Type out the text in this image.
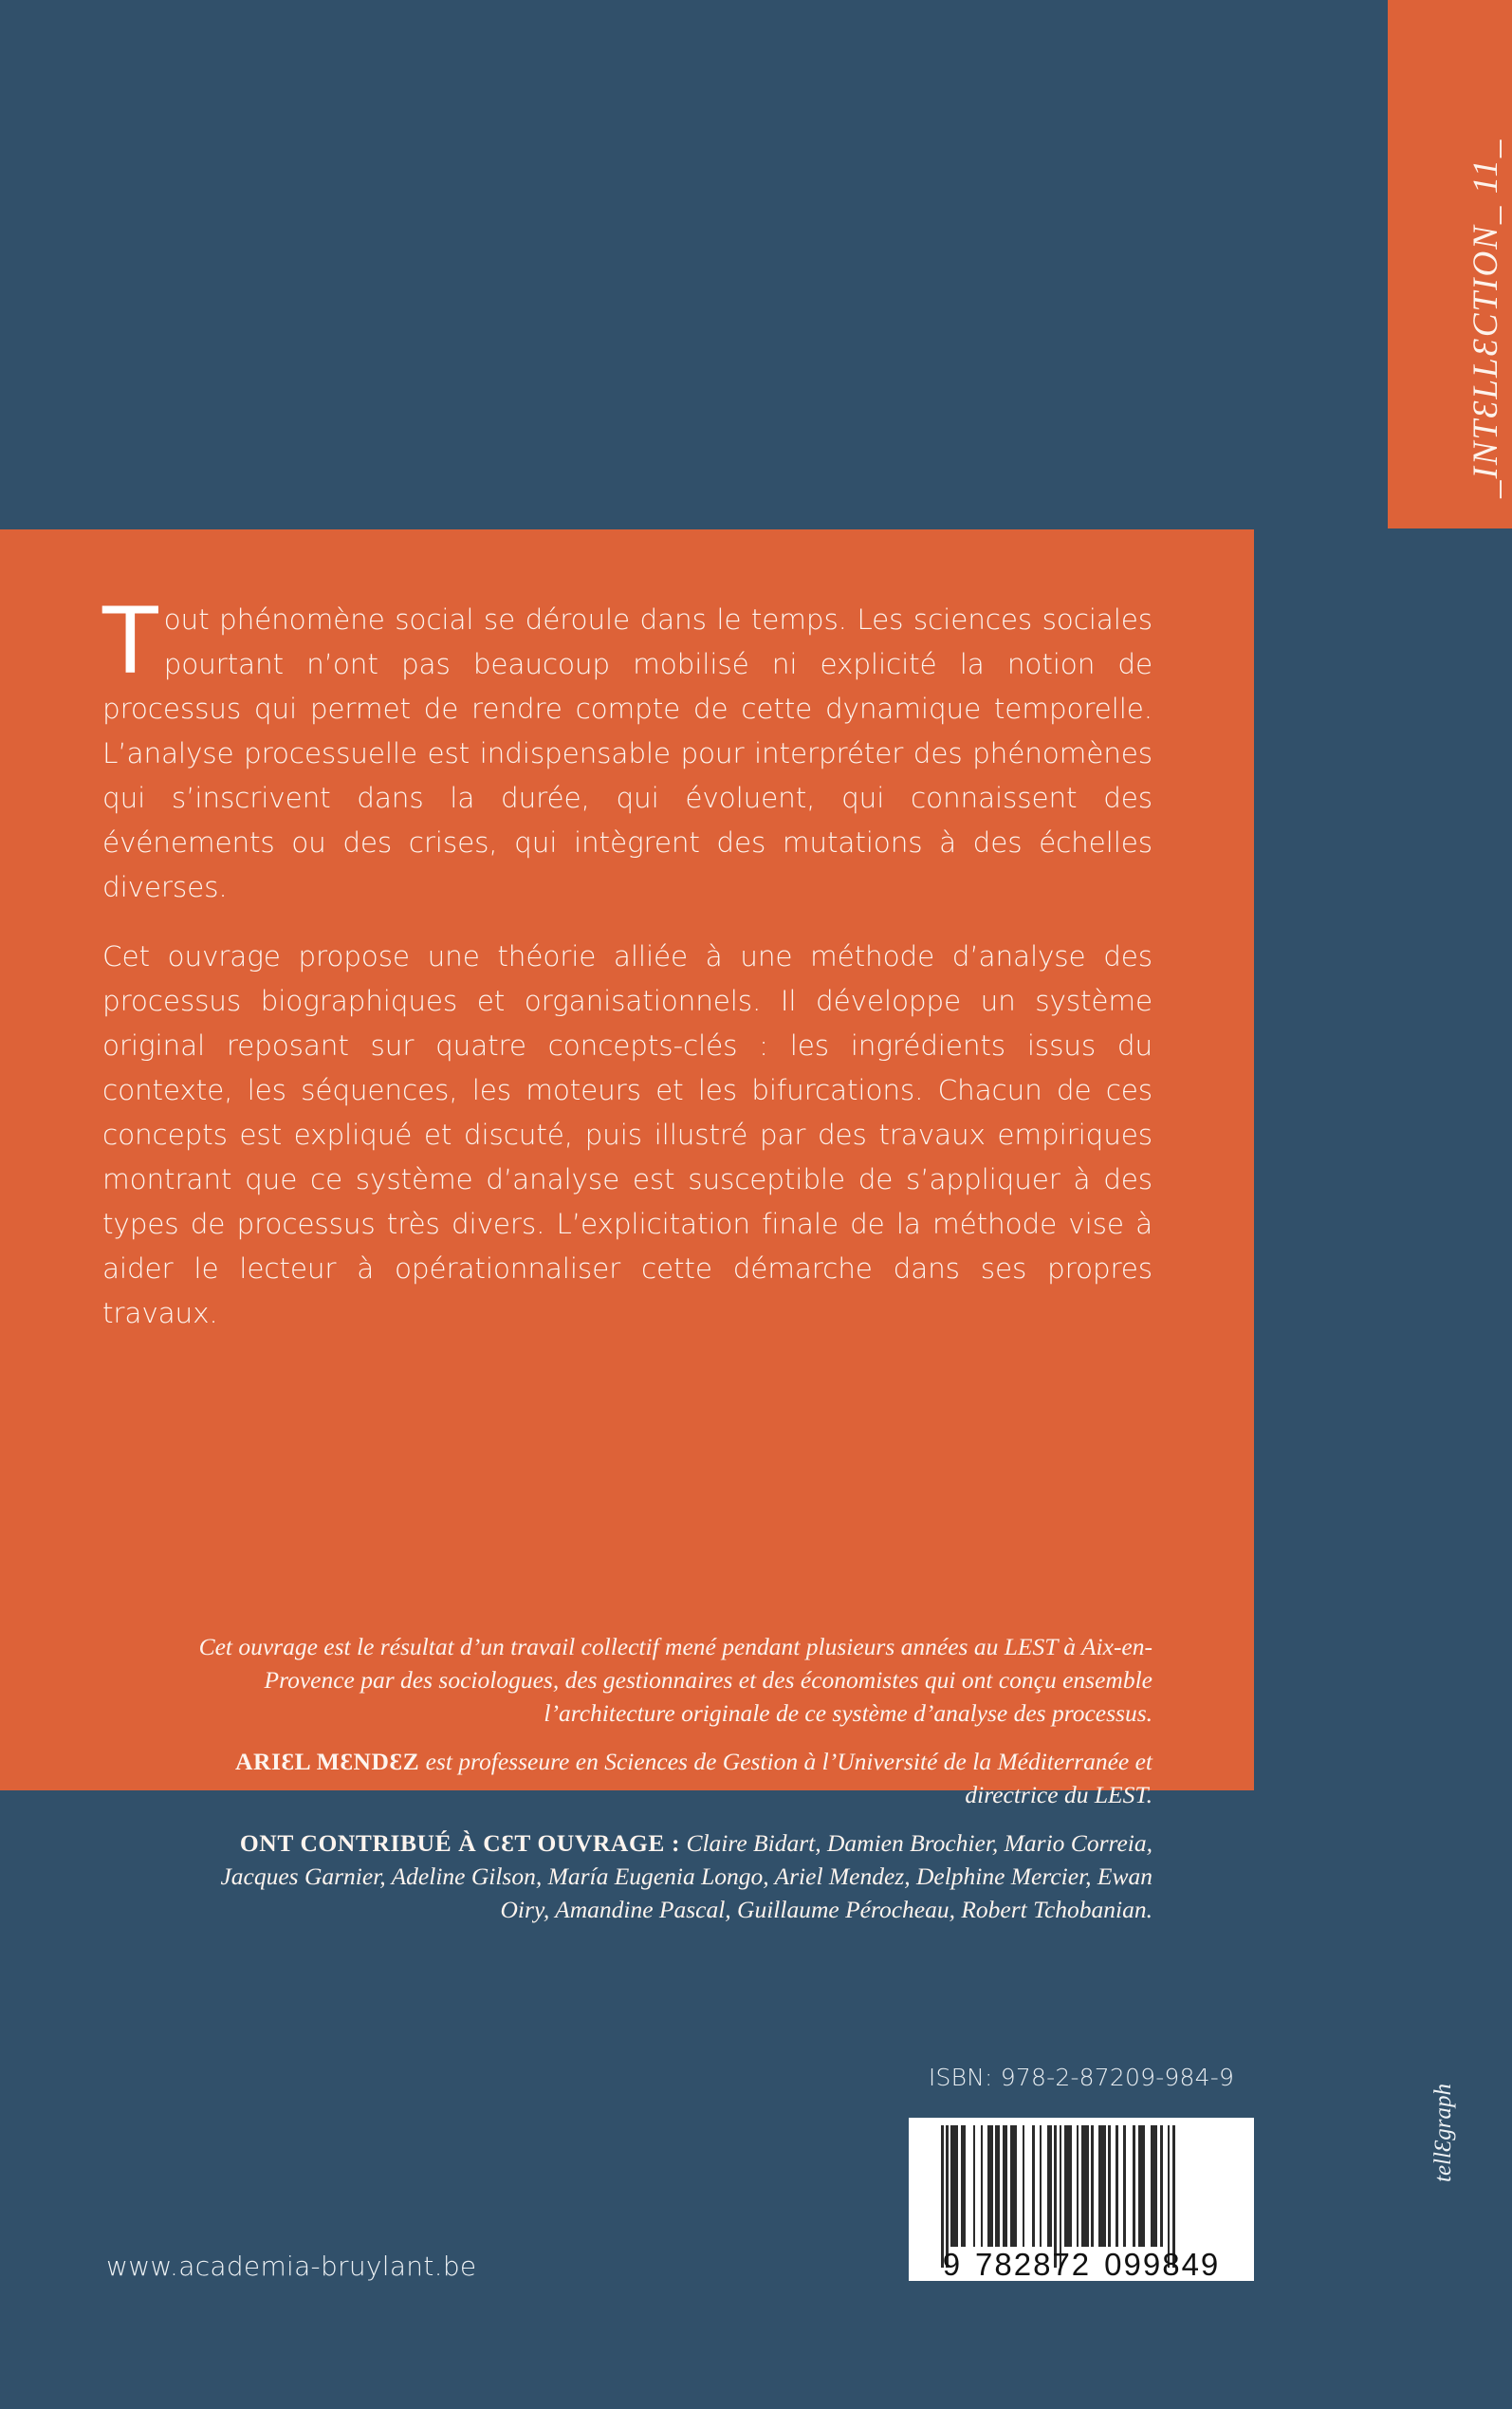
_INTƐLLƐCTION_ 11_

Tout phénomène social se déroule dans le temps. Les sciences sociales pourtant n’ont pas beaucoup mobilisé ni explicité la notion de processus qui permet de rendre compte de cette dynamique temporelle. L’analyse processuelle est indispensable pour interpréter des phénomènes qui s’inscrivent dans la durée, qui évoluent, qui connaissent des événements ou des crises, qui intègrent des mutations à des échelles diverses.

Cet ouvrage propose une théorie alliée à une méthode d’analyse des processus biographiques et organisationnels. Il développe un système original reposant sur quatre concepts-clés : les ingrédients issus du contexte, les séquences, les moteurs et les bifurcations. Chacun de ces concepts est expliqué et discuté, puis illustré par des travaux empiriques montrant que ce système d’analyse est susceptible de s’appliquer à des types de processus très divers. L’explicitation finale de la méthode vise à aider le lecteur à opérationnaliser cette démarche dans ses propres travaux.

Cet ouvrage est le résultat d’un travail collectif mené pendant plusieurs années au LEST à Aix-en-Provence par des sociologues, des gestionnaires et des économistes qui ont conçu ensemble l’architecture originale de ce système d’analyse des processus.
ARIƐL MƐNDƐZ est professeure en Sciences de Gestion à l’Université de la Méditerranée et directrice du LEST.
ONT CONTRIBUÉ À CƐT OUVRAGE : Claire Bidart, Damien Brochier, Mario Correia, Jacques Garnier, Adeline Gilson, María Eugenia Longo, Ariel Mendez, Delphine Mercier, Ewan Oiry, Amandine Pascal, Guillaume Pérocheau, Robert Tchobanian.
ISBN: 978-2-87209-984-9
9 782872 099849
www.academia-bruylant.be
tellƐgraph
